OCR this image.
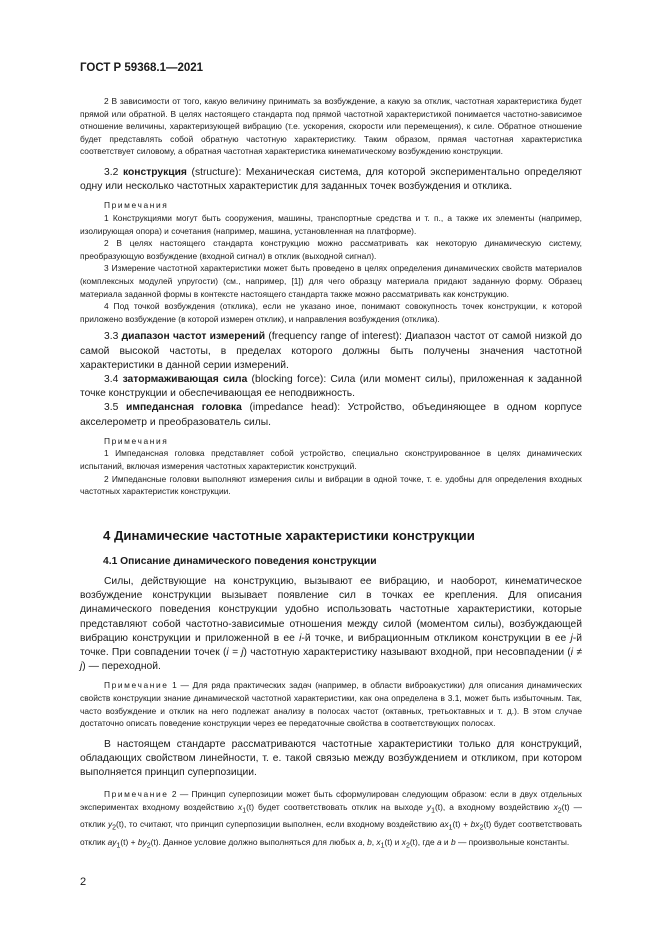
ГОСТ Р 59368.1—2021

2 В зависимости от того, какую величину принимать за возбуждение, а какую за отклик, частотная характеристика будет прямой или обратной. В целях настоящего стандарта под прямой частотной характеристикой понимается частотно-зависимое отношение величины, характеризующей вибрацию (т.е. ускорения, скорости или перемещения), к силе. Обратное отношение будет представлять собой обратную частотную характеристику. Таким образом, прямая частотная характеристика соответствует силовому, а обратная частотная характеристика кинематическому возбуждению конструкции.

3.2 конструкция (structure): Механическая система, для которой экспериментально определяют одну или несколько частотных характеристик для заданных точек возбуждения и отклика.

Примечания

1 Конструкциями могут быть сооружения, машины, транспортные средства и т. п., а также их элементы (например, изолирующая опора) и сочетания (например, машина, установленная на платформе).

2 В целях настоящего стандарта конструкцию можно рассматривать как некоторую динамическую систему, преобразующую возбуждение (входной сигнал) в отклик (выходной сигнал).

3 Измерение частотной характеристики может быть проведено в целях определения динамических свойств материалов (комплексных модулей упругости) (см., например, [1]) для чего образцу материала придают заданную форму. Образец материала заданной формы в контексте настоящего стандарта также можно рассматривать как конструкцию.

4 Под точкой возбуждения (отклика), если не указано иное, понимают совокупность точек конструкции, к которой приложено возбуждение (в которой измерен отклик), и направления возбуждения (отклика).

3.3 диапазон частот измерений (frequency range of interest): Диапазон частот от самой низкой до самой высокой частоты, в пределах которого должны быть получены значения частотной характеристики в данной серии измерений.

3.4 затормаживающая сила (blocking force): Сила (или момент силы), приложенная к заданной точке конструкции и обеспечивающая ее неподвижность.

3.5 импедансная головка (impedance head): Устройство, объединяющее в одном корпусе акселерометр и преобразователь силы.

Примечания

1 Импедансная головка представляет собой устройство, специально сконструированное в целях динамических испытаний, включая измерения частотных характеристик конструкций.

2 Импедансные головки выполняют измерения силы и вибрации в одной точке, т. е. удобны для определения входных частотных характеристик конструкции.

4 Динамические частотные характеристики конструкции
4.1 Описание динамического поведения конструкции

Силы, действующие на конструкцию, вызывают ее вибрацию, и наоборот, кинематическое возбуждение конструкции вызывает появление сил в точках ее крепления. Для описания динамического поведения конструкции удобно использовать частотные характеристики, которые представляют собой частотно-зависимые отношения между силой (моментом силы), возбуждающей вибрацию конструкции и приложенной в ее i-й точке, и вибрационным откликом конструкции в ее j-й точке. При совпадении точек (i = j) частотную характеристику называют входной, при несовпадении (i ≠ j) — переходной.

Примечание 1 — Для ряда практических задач (например, в области виброакустики) для описания динамических свойств конструкции знание динамической частотной характеристики, как она определена в 3.1, может быть избыточным. Так, часто возбуждение и отклик на него подлежат анализу в полосах частот (октавных, третьоктавных и т. д.). В этом случае достаточно описать поведение конструкции через ее передаточные свойства в соответствующих полосах.

В настоящем стандарте рассматриваются частотные характеристики только для конструкций, обладающих свойством линейности, т. е. такой связью между возбуждением и откликом, при котором выполняется принцип суперпозиции.

Примечание 2 — Принцип суперпозиции может быть сформулирован следующим образом: если в двух отдельных экспериментах входному воздействию $x_1(t)$ будет соответствовать отклик на выходе $y_1(t)$, а входному воздействию $x_2(t)$ — отклик $y_2(t)$, то считают, что принцип суперпозиции выполнен, если входному воздействию $ax_1(t) + bx_2(t)$ будет соответствовать отклик $ay_1(t) + by_2(t)$. Данное условие должно выполняться для любых a, b, $x_1(t)$ и $x_2(t)$, где a и b — произвольные константы.

2
